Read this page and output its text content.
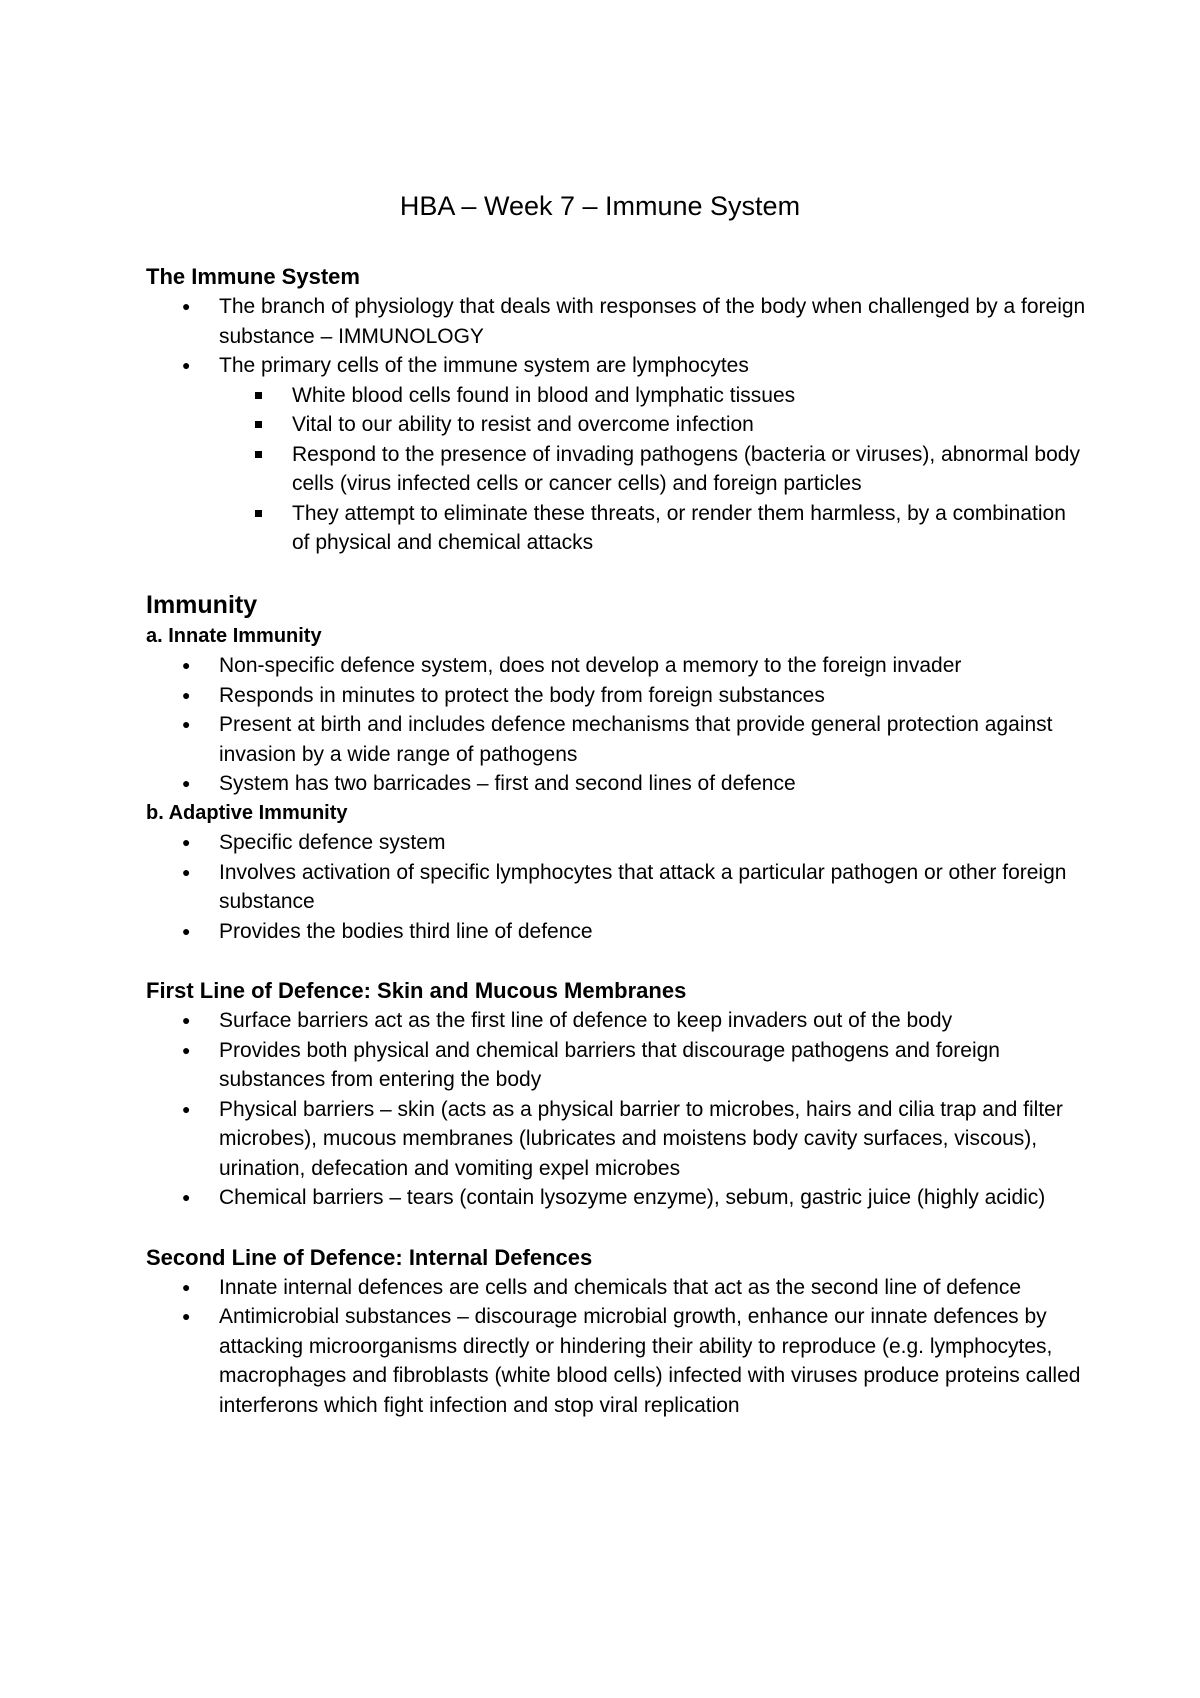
HBA – Week 7 – Immune System

The Immune System

● The branch of physiology that deals with responses of the body when challenged by a foreign substance – IMMUNOLOGY
● The primary cells of the immune system are lymphocytes
White blood cells found in blood and lymphatic tissues
Vital to our ability to resist and overcome infection
Respond to the presence of invading pathogens (bacteria or viruses), abnormal body cells (virus infected cells or cancer cells) and foreign particles
They attempt to eliminate these threats, or render them harmless, by a combination of physical and chemical attacks

Immunity

a. Innate Immunity

● Non-specific defence system, does not develop a memory to the foreign invader
● Responds in minutes to protect the body from foreign substances
● Present at birth and includes defence mechanisms that provide general protection against invasion by a wide range of pathogens
● System has two barricades – first and second lines of defence

b. Adaptive Immunity

● Specific defence system
● Involves activation of specific lymphocytes that attack a particular pathogen or other foreign substance
● Provides the bodies third line of defence

First Line of Defence: Skin and Mucous Membranes

● Surface barriers act as the first line of defence to keep invaders out of the body
● Provides both physical and chemical barriers that discourage pathogens and foreign substances from entering the body
● Physical barriers – skin (acts as a physical barrier to microbes, hairs and cilia trap and filter microbes), mucous membranes (lubricates and moistens body cavity surfaces, viscous), urination, defecation and vomiting expel microbes
● Chemical barriers – tears (contain lysozyme enzyme), sebum, gastric juice (highly acidic)

Second Line of Defence: Internal Defences

● Innate internal defences are cells and chemicals that act as the second line of defence
● Antimicrobial substances – discourage microbial growth, enhance our innate defences by attacking microorganisms directly or hindering their ability to reproduce (e.g. lymphocytes, macrophages and fibroblasts (white blood cells) infected with viruses produce proteins called interferons which fight infection and stop viral replication
